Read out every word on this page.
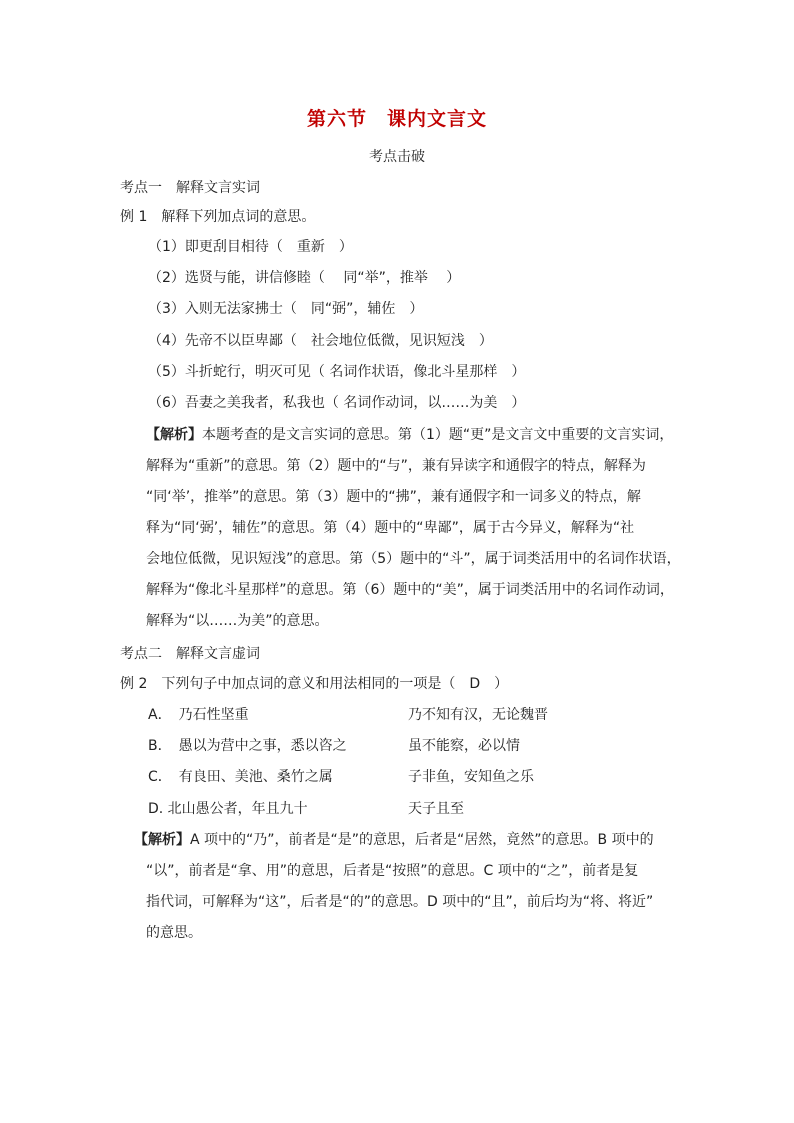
第六节　课内文言文
考点击破
考点一　解释文言实词
例 1　解释下列加点词的意思。
（1）即更刮目相待（　重新　）
（2）选贤与能，讲信修睦（　 同“举”，推举　 ）
（3）入则无法家拂士（　同“弼”，辅佐　）
（4）先帝不以臣卑鄙（　社会地位低微，见识短浅　）
（5）斗折蛇行，明灭可见（ 名词作状语，像北斗星那样　）
（6）吾妻之美我者，私我也（ 名词作动词，以……为美　）
【解析】本题考查的是文言实词的意思。第（1）题“更”是文言文中重要的文言实词，
解释为“重新”的意思。第（2）题中的“与”，兼有异读字和通假字的特点，解释为
“同‘举’，推举”的意思。第（3）题中的“拂”，兼有通假字和一词多义的特点，解
释为“同‘弼’，辅佐”的意思。第（4）题中的“卑鄙”，属于古今异义，解释为“社
会地位低微，见识短浅”的意思。第（5）题中的“斗”，属于词类活用中的名词作状语，
解释为“像北斗星那样”的意思。第（6）题中的“美”，属于词类活用中的名词作动词，
解释为“以……为美”的意思。
考点二　解释文言虚词
例 2　下列句子中加点词的意义和用法相同的一项是（　D　）
A．　乃石性坚重	乃不知有汉，无论魏晋
B．　愚以为营中之事，悉以咨之	虽不能察，必以情
C．　有良田、美池、桑竹之属	子非鱼，安知鱼之乐
D. 北山愚公者，年且九十	天子且至
【解析】A 项中的“乃”，前者是“是”的意思，后者是“居然，竟然”的意思。B 项中的
“以”，前者是“拿、用”的意思，后者是“按照”的意思。C 项中的“之”，前者是复
指代词，可解释为“这”，后者是“的”的意思。D 项中的“且”，前后均为“将、将近”
的意思。
